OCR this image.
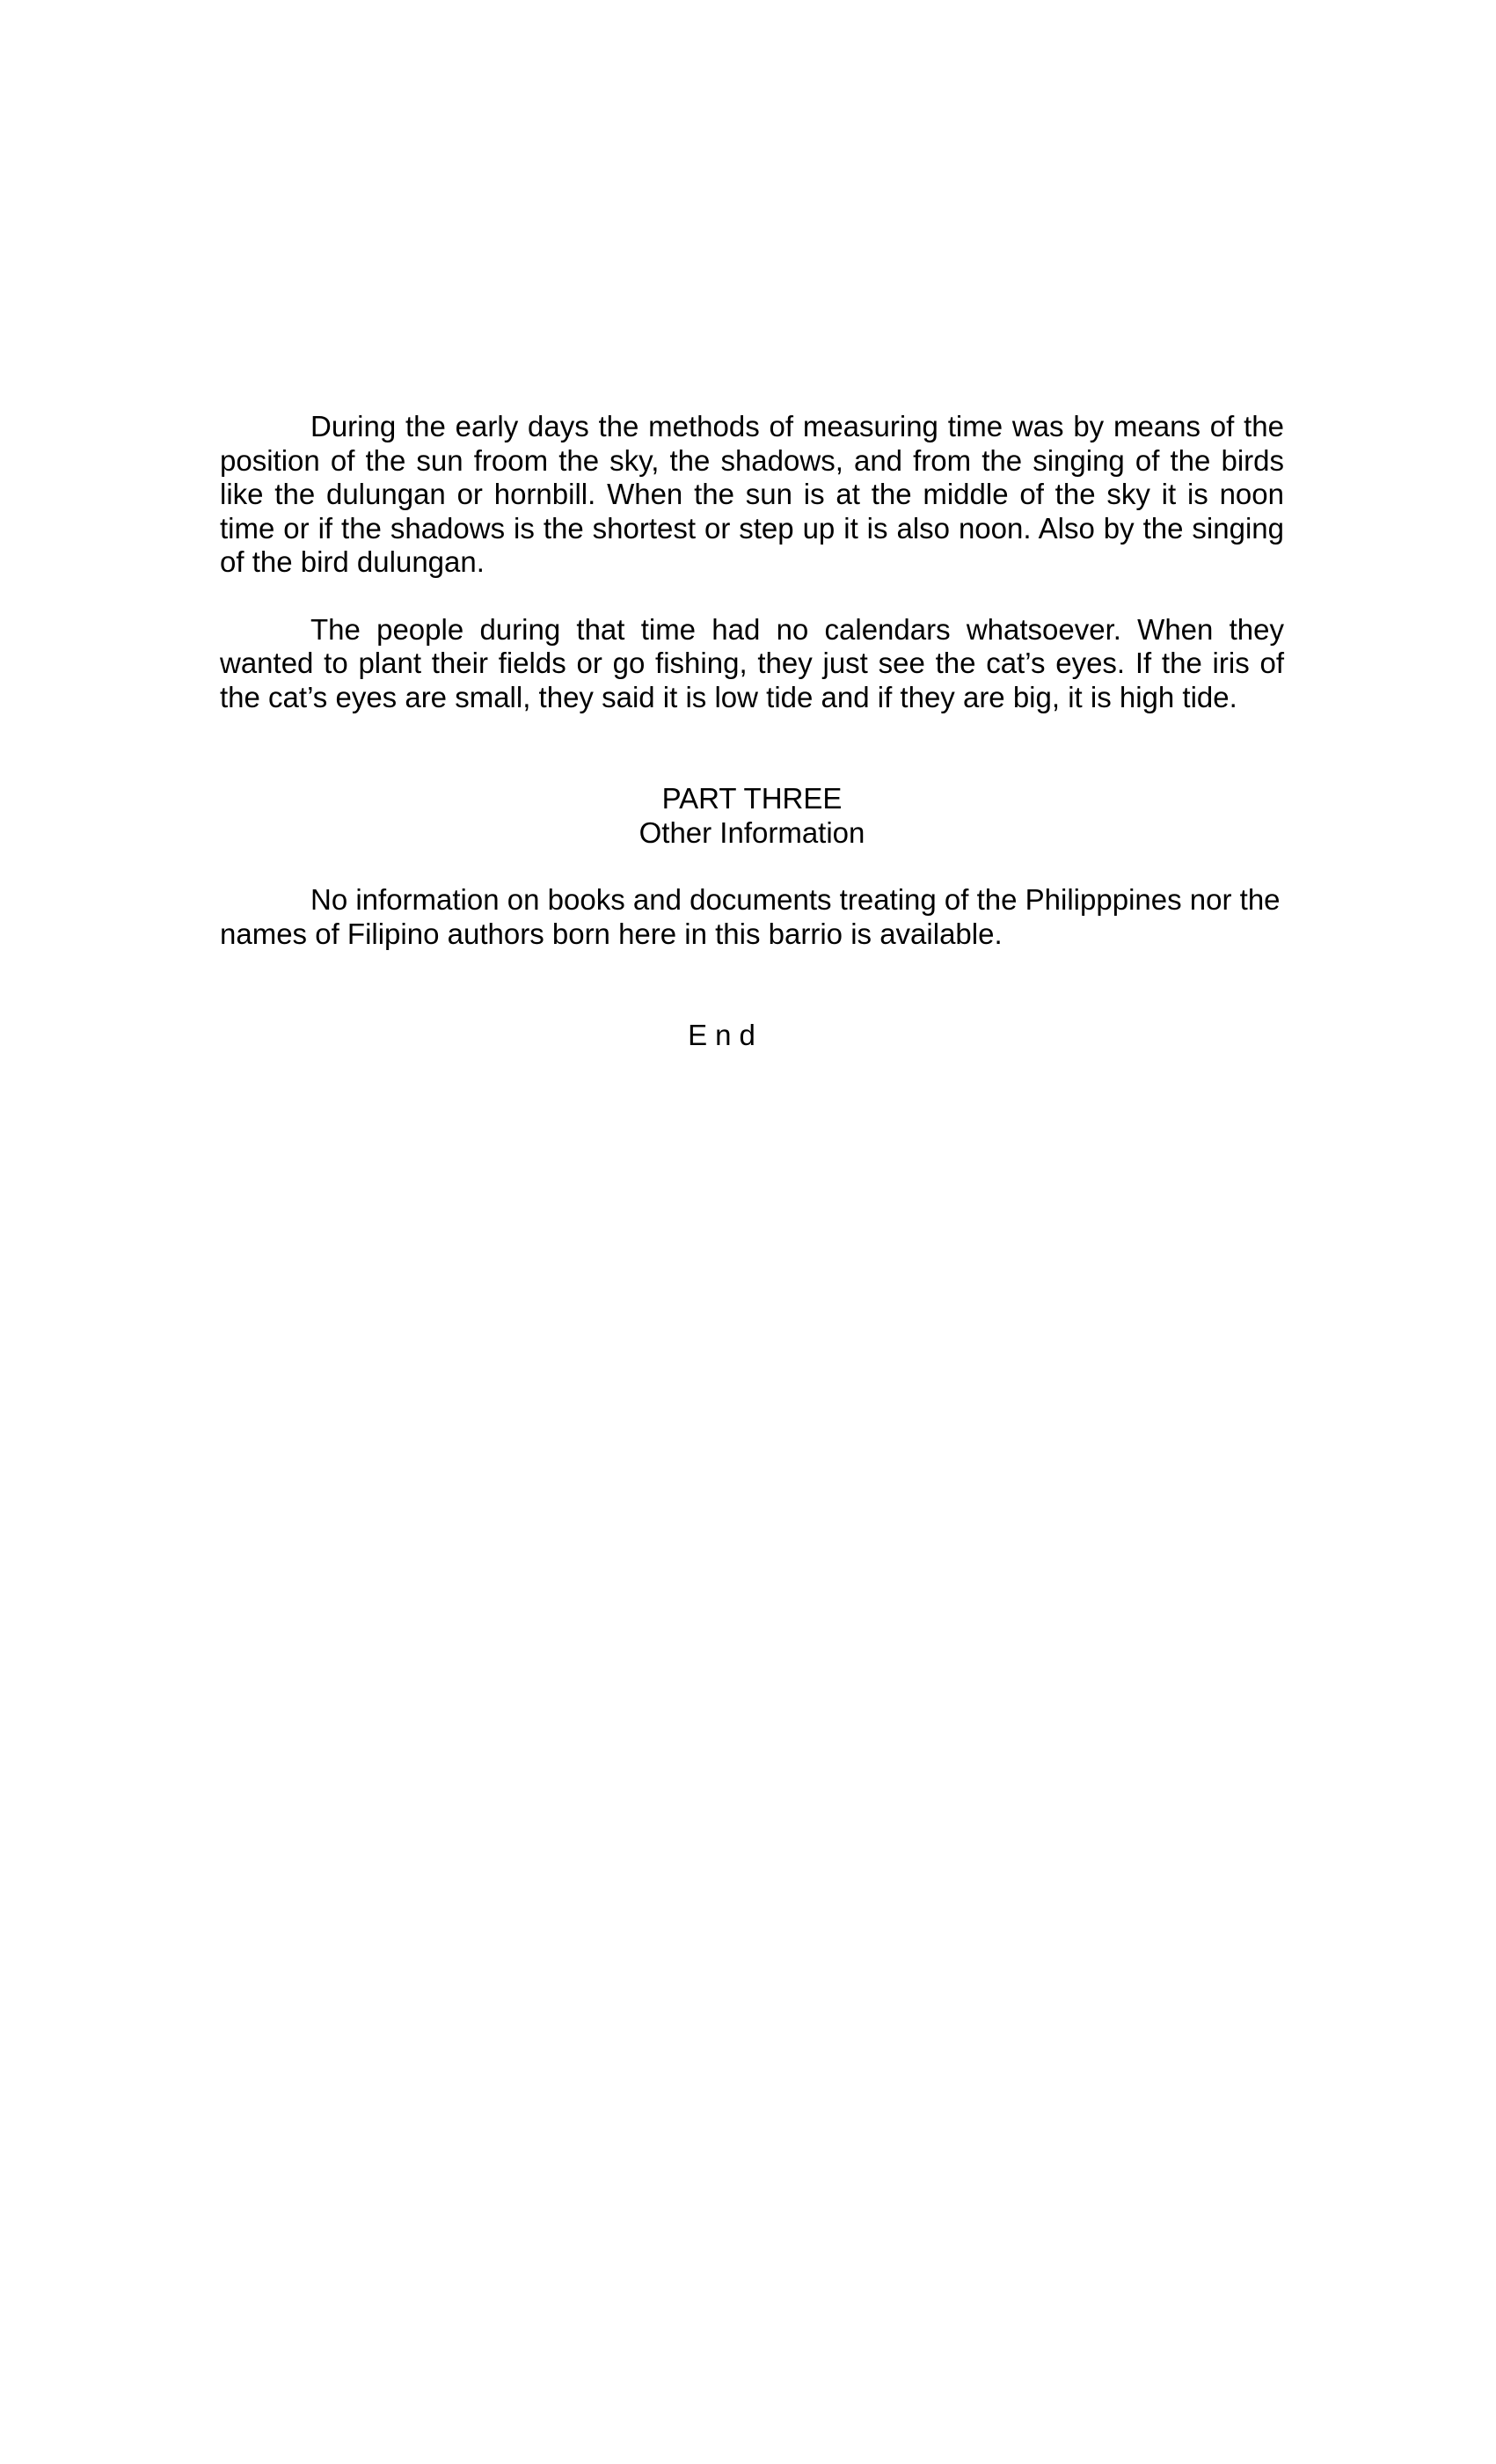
During the early days the methods of measuring time was by means of the position of the sun froom the sky, the shadows, and from the singing of the birds like the dulungan or hornbill. When the sun is at the middle of the sky it is noon time or if the shadows is the shortest or step up it is also noon. Also by the singing of the bird dulungan.

The people during that time had no calendars whatsoever. When they wanted to plant their fields or go fishing, they just see the cat’s eyes. If the iris of the cat’s eyes are small, they said it is low tide and if they are big, it is high tide.

PART THREE
Other Information

No information on books and documents treating of the Philipppines nor the names of Filipino authors born here in this barrio is available.

End
